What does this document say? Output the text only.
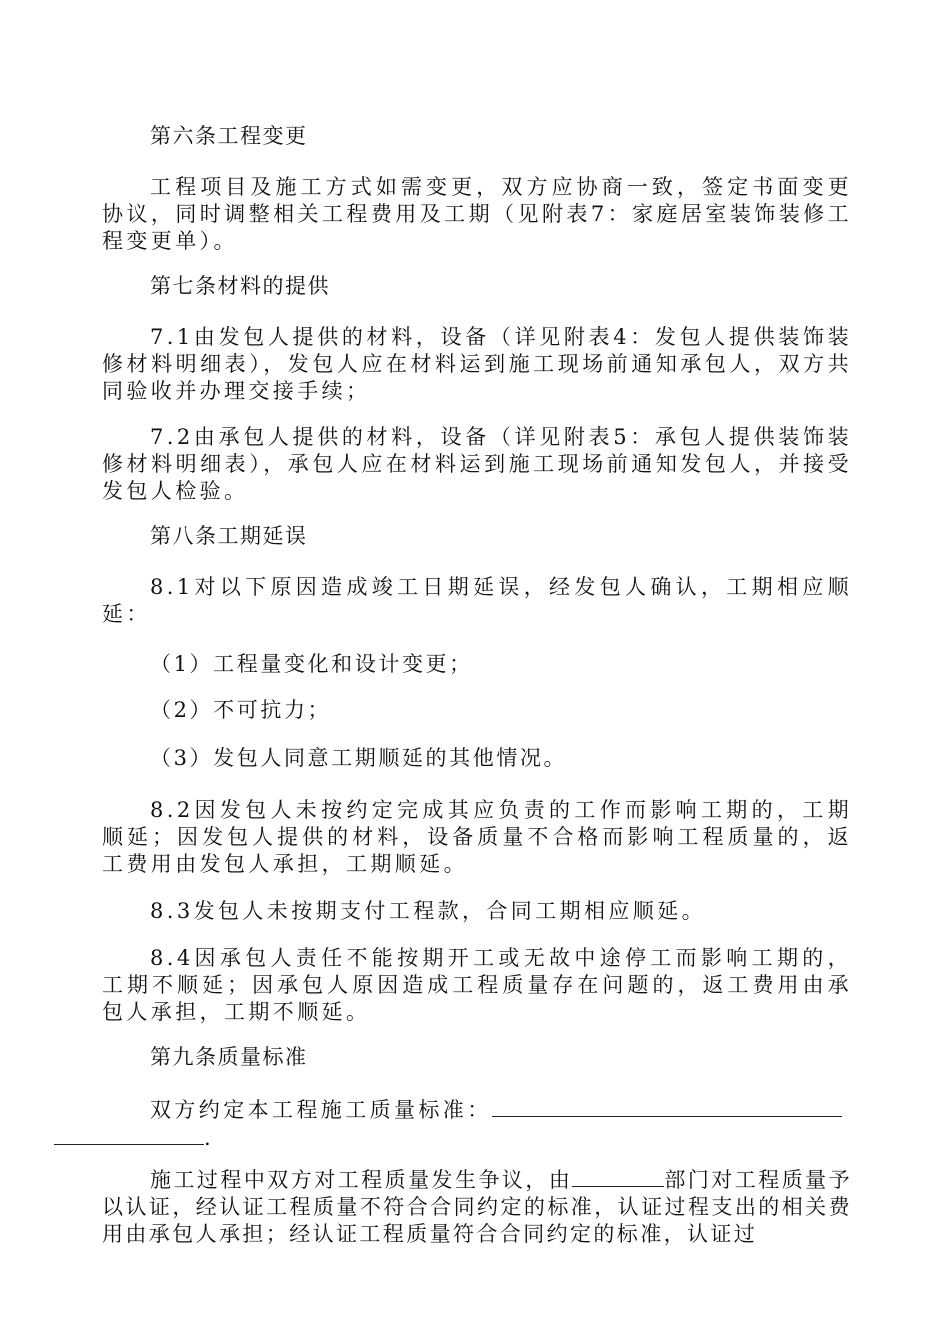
第六条工程变更
工程项目及施工方式如需变更，双方应协商一致，签定书面变更协议，同时调整相关工程费用及工期（见附表7：家庭居室装饰装修工程变更单）。
第七条材料的提供
7.1由发包人提供的材料，设备（详见附表4：发包人提供装饰装修材料明细表），发包人应在材料运到施工现场前通知承包人，双方共同验收并办理交接手续；
7.2由承包人提供的材料，设备（详见附表5：承包人提供装饰装修材料明细表），承包人应在材料运到施工现场前通知发包人，并接受发包人检验。
第八条工期延误
8.1对以下原因造成竣工日期延误，经发包人确认，工期相应顺延：
（1）工程量变化和设计变更；
（2）不可抗力；
（3）发包人同意工期顺延的其他情况。
8.2因发包人未按约定完成其应负责的工作而影响工期的，工期顺延；因发包人提供的材料，设备质量不合格而影响工程质量的，返工费用由发包人承担，工期顺延。
8.3发包人未按期支付工程款，合同工期相应顺延。
8.4因承包人责任不能按期开工或无故中途停工而影响工期的，工期不顺延；因承包人原因造成工程质量存在问题的，返工费用由承包人承担，工期不顺延。
第九条质量标准
双方约定本工程施工质量标准：
.
施工过程中双方对工程质量发生争议，由	部门对工程质量予以认证，经认证工程质量不符合合同约定的标准，认证过程支出的相关费用由承包人承担；经认证工程质量符合合同约定的标准，认证过
